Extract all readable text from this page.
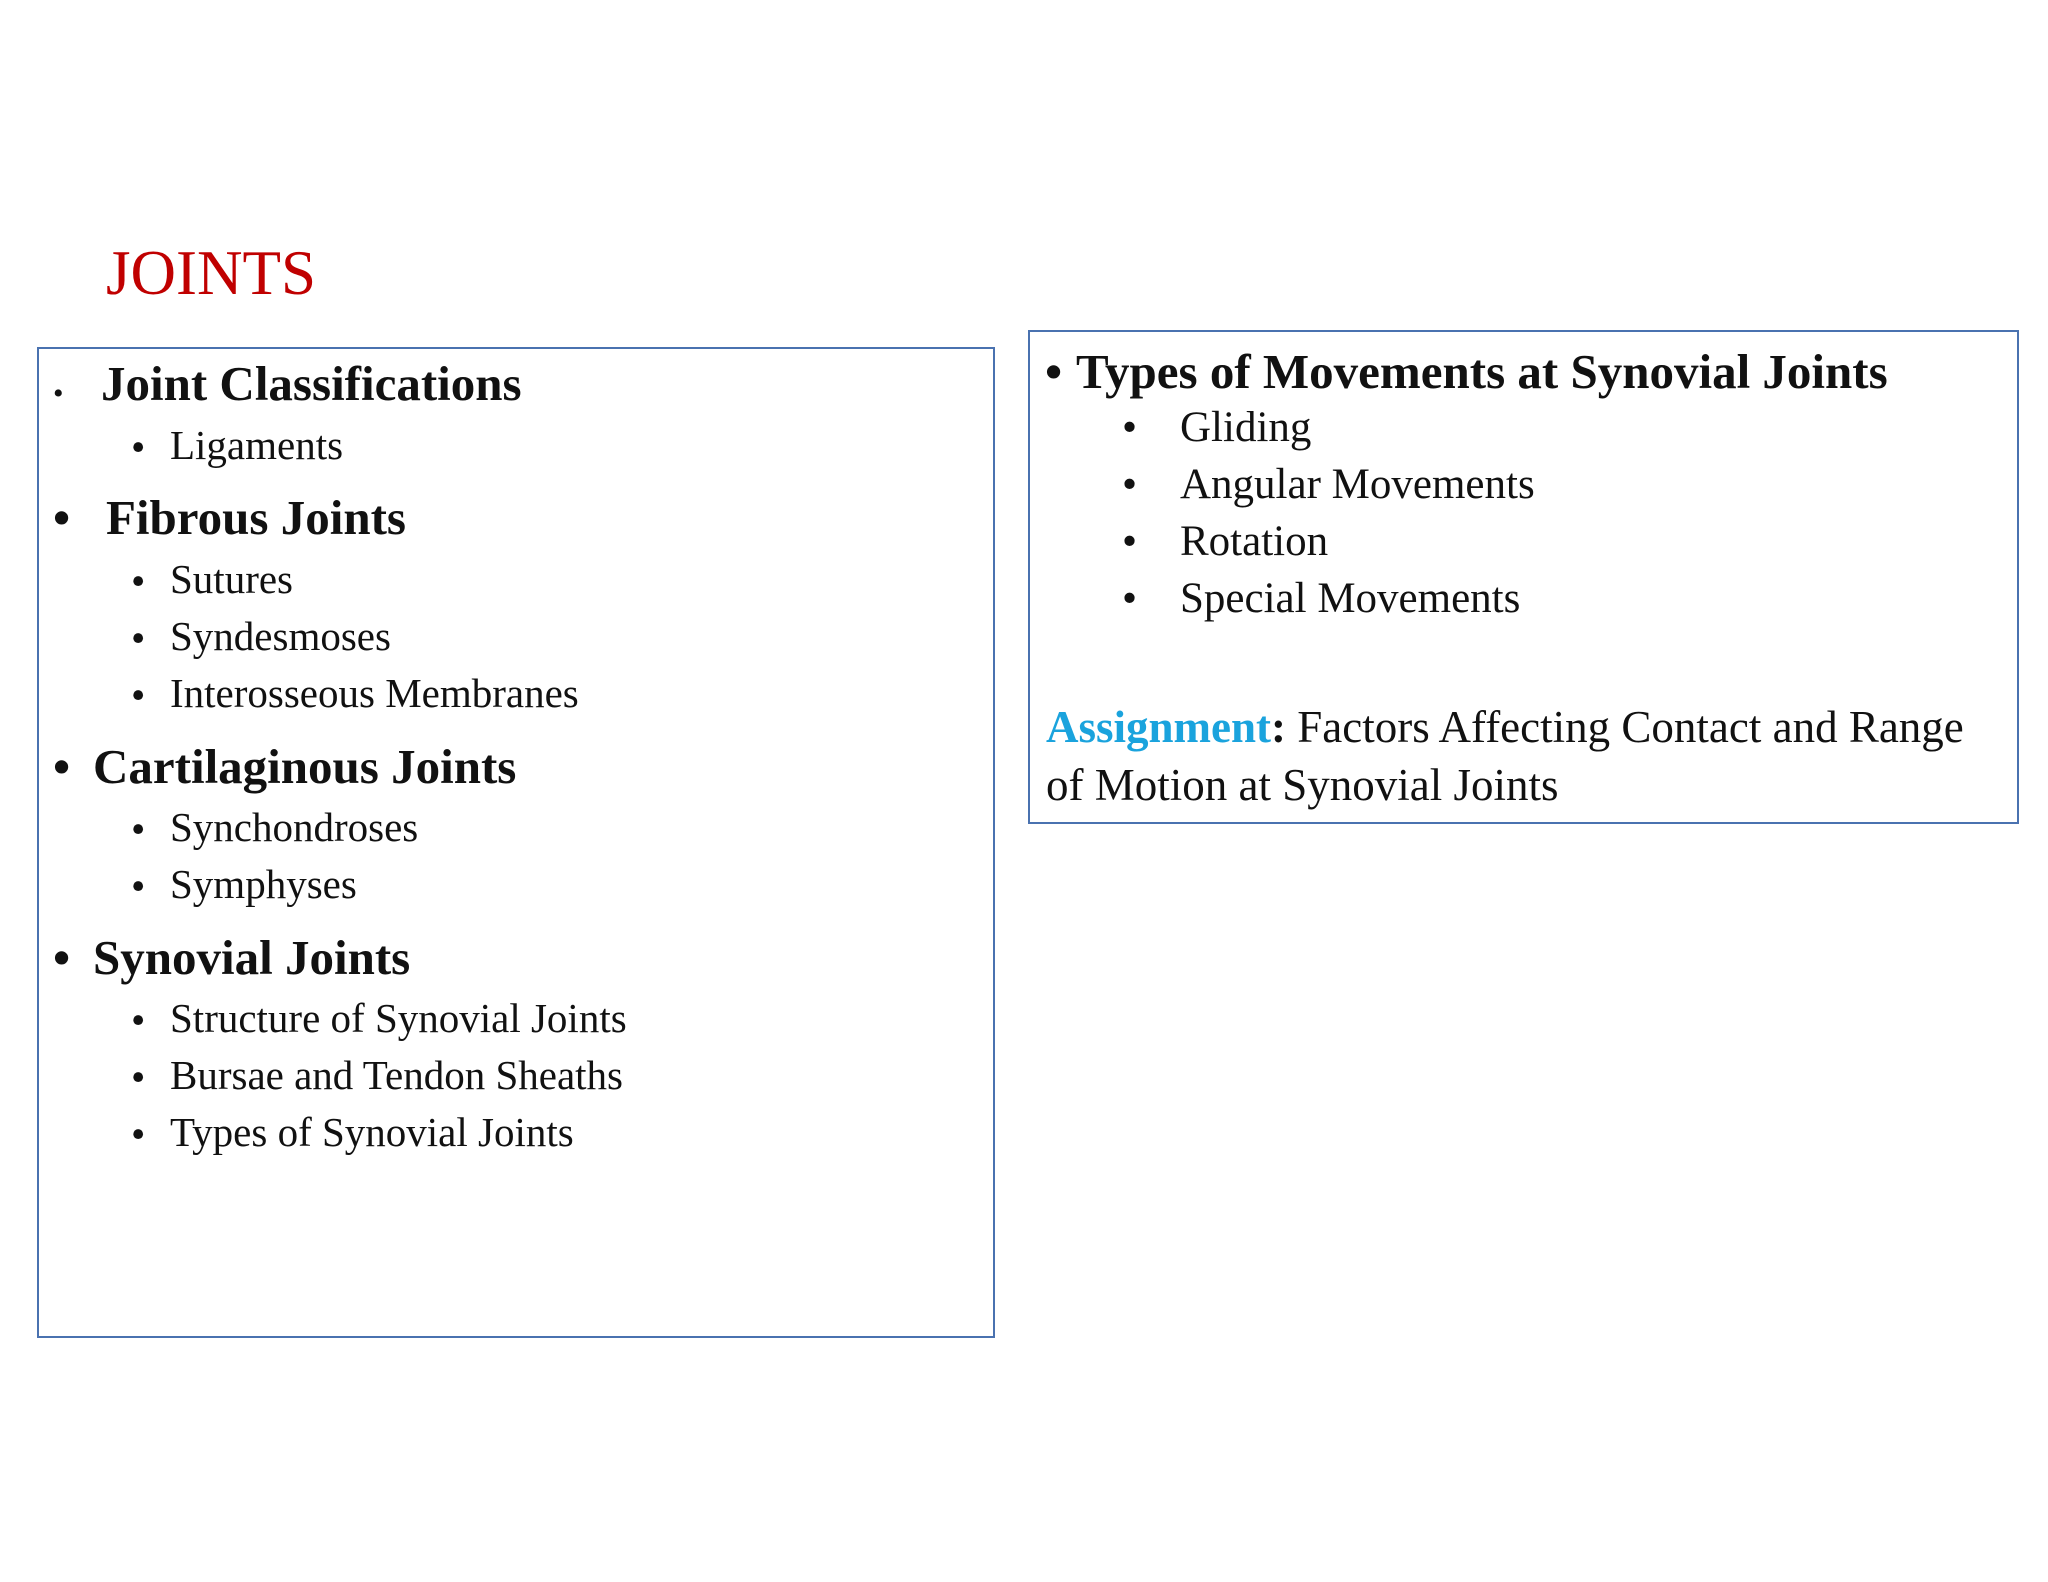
JOINTS
• Joint Classifications
• Ligaments
• Fibrous Joints
• Sutures
• Syndesmoses
• Interosseous Membranes
• Cartilaginous Joints
• Synchondroses
• Symphyses
• Synovial Joints
• Structure of Synovial Joints
• Bursae and Tendon Sheaths
• Types of Synovial Joints
• Types of Movements at Synovial Joints
• Gliding
• Angular Movements
• Rotation
• Special Movements

Assignment: Factors Affecting Contact and Range of Motion at Synovial Joints
